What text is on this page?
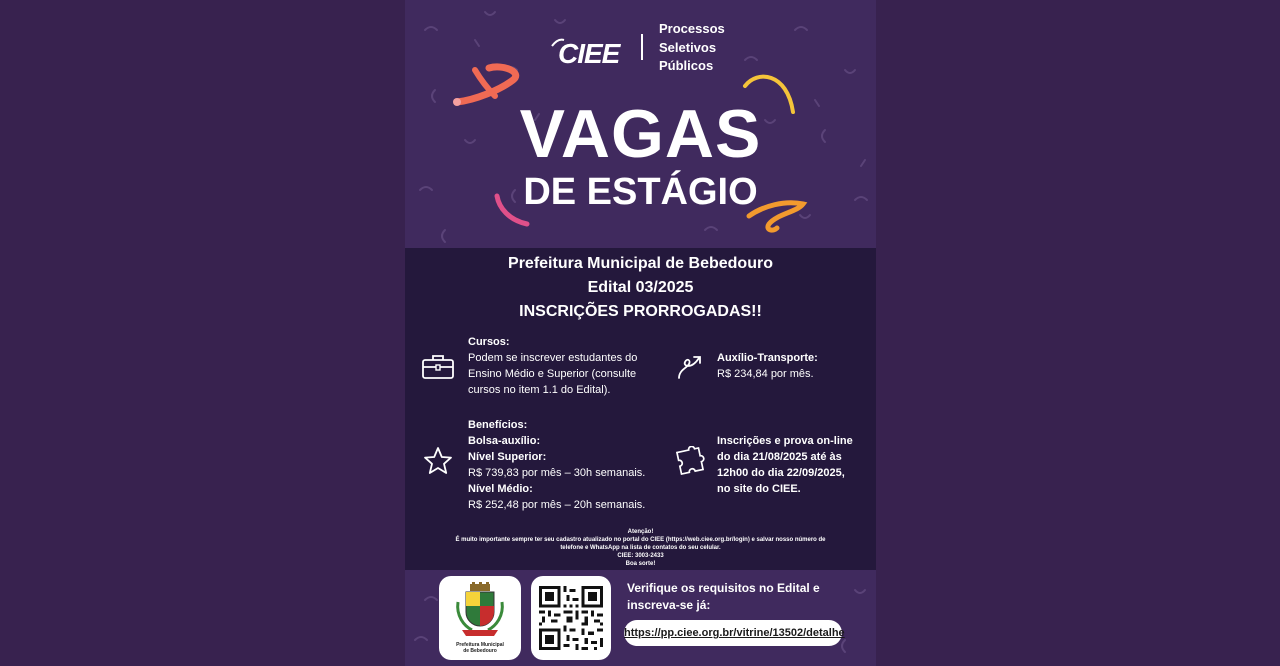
CIEE
Processos
Seletivos
Públicos
VAGAS
DE ESTÁGIO
Prefeitura Municipal de Bebedouro
Edital 03/2025
INSCRIÇÕES PRORROGADAS!!
Cursos:
Podem se inscrever estudantes do
Ensino Médio e Superior (consulte
cursos no item 1.1 do Edital).
Auxílio-Transporte:
R$ 234,84 por mês.
Benefícios:
Bolsa-auxílio:
Nível Superior:
R$ 739,83 por mês – 30h semanais.
Nível Médio:
R$ 252,48 por mês – 20h semanais.
Inscrições e prova on-line
do dia 21/08/2025 até às
12h00 do dia 22/09/2025,
no site do CIEE.
Atenção!
É muito importante sempre ter seu cadastro atualizado no portal do CIEE (https://web.ciee.org.br/login) e salvar nosso número de
telefone e WhatsApp na lista de contatos do seu celular.
CIEE: 3003-2433
Boa sorte!
Prefeitura Municipal
de Bebedouro
Verifique os requisitos no Edital e
inscreva-se já:
https://pp.ciee.org.br/vitrine/13502/detalhe
